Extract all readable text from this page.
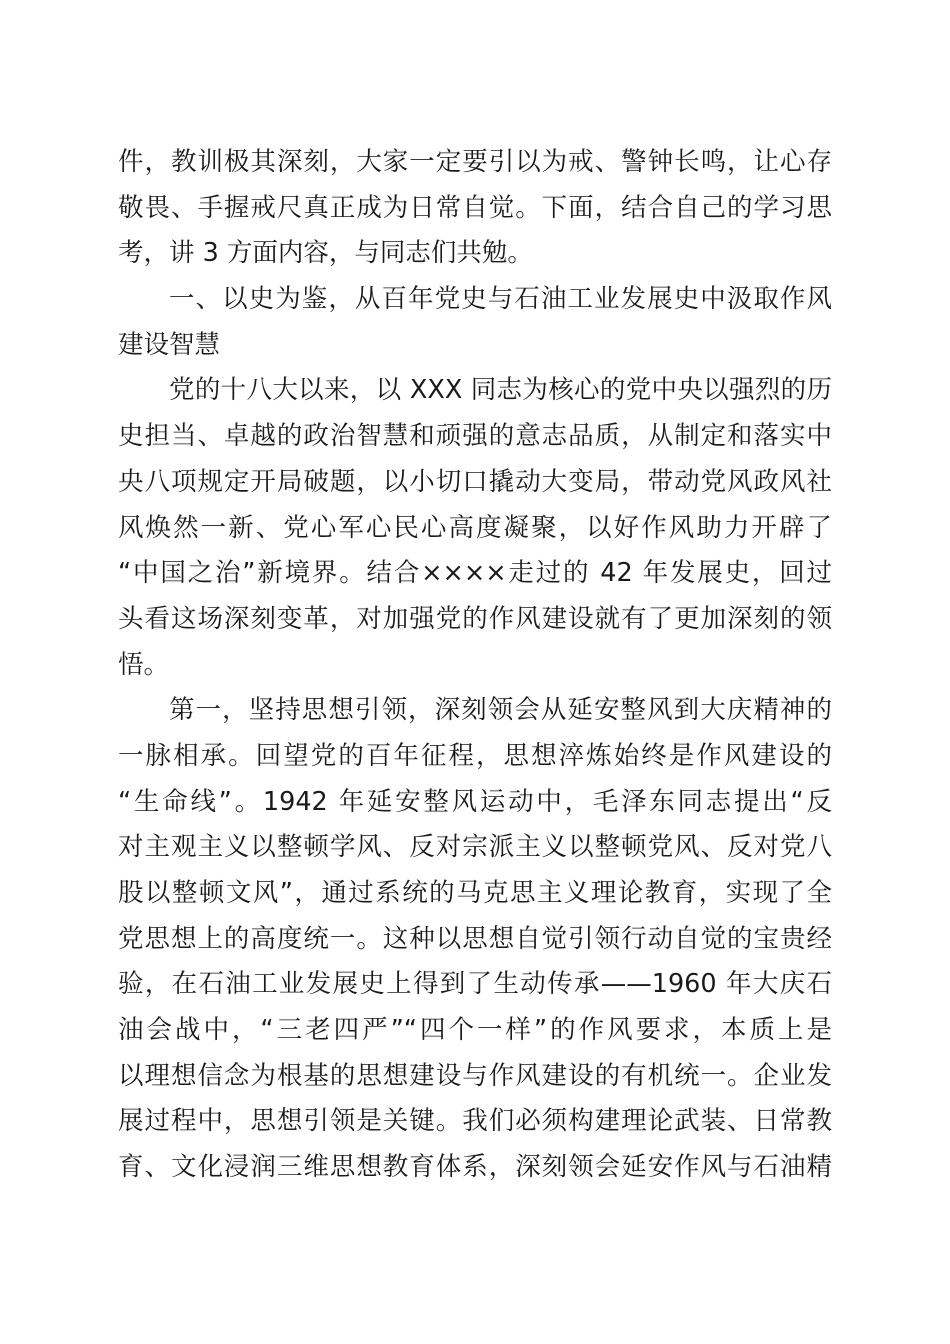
件，教训极其深刻，大家一定要引以为戒、警钟长鸣，让心存
敬畏、手握戒尺真正成为日常自觉。下面，结合自己的学习思
考，讲 3 方面内容，与同志们共勉。
一、以史为鉴，从百年党史与石油工业发展史中汲取作风
建设智慧
党的十八大以来，以 XXX 同志为核心的党中央以强烈的历
史担当、卓越的政治智慧和顽强的意志品质，从制定和落实中
央八项规定开局破题，以小切口撬动大变局，带动党风政风社
风焕然一新、党心军心民心高度凝聚，以好作风助力开辟了
“中国之治”新境界。结合××××走过的 42 年发展史，回过
头看这场深刻变革，对加强党的作风建设就有了更加深刻的领
悟。
第一，坚持思想引领，深刻领会从延安整风到大庆精神的
一脉相承。回望党的百年征程，思想淬炼始终是作风建设的
“生命线”。1942 年延安整风运动中，毛泽东同志提出“反
对主观主义以整顿学风、反对宗派主义以整顿党风、反对党八
股以整顿文风”，通过系统的马克思主义理论教育，实现了全
党思想上的高度统一。这种以思想自觉引领行动自觉的宝贵经
验，在石油工业发展史上得到了生动传承——1960 年大庆石
油会战中，“三老四严”“四个一样”的作风要求，本质上是
以理想信念为根基的思想建设与作风建设的有机统一。企业发
展过程中，思想引领是关键。我们必须构建理论武装、日常教
育、文化浸润三维思想教育体系，深刻领会延安作风与石油精
